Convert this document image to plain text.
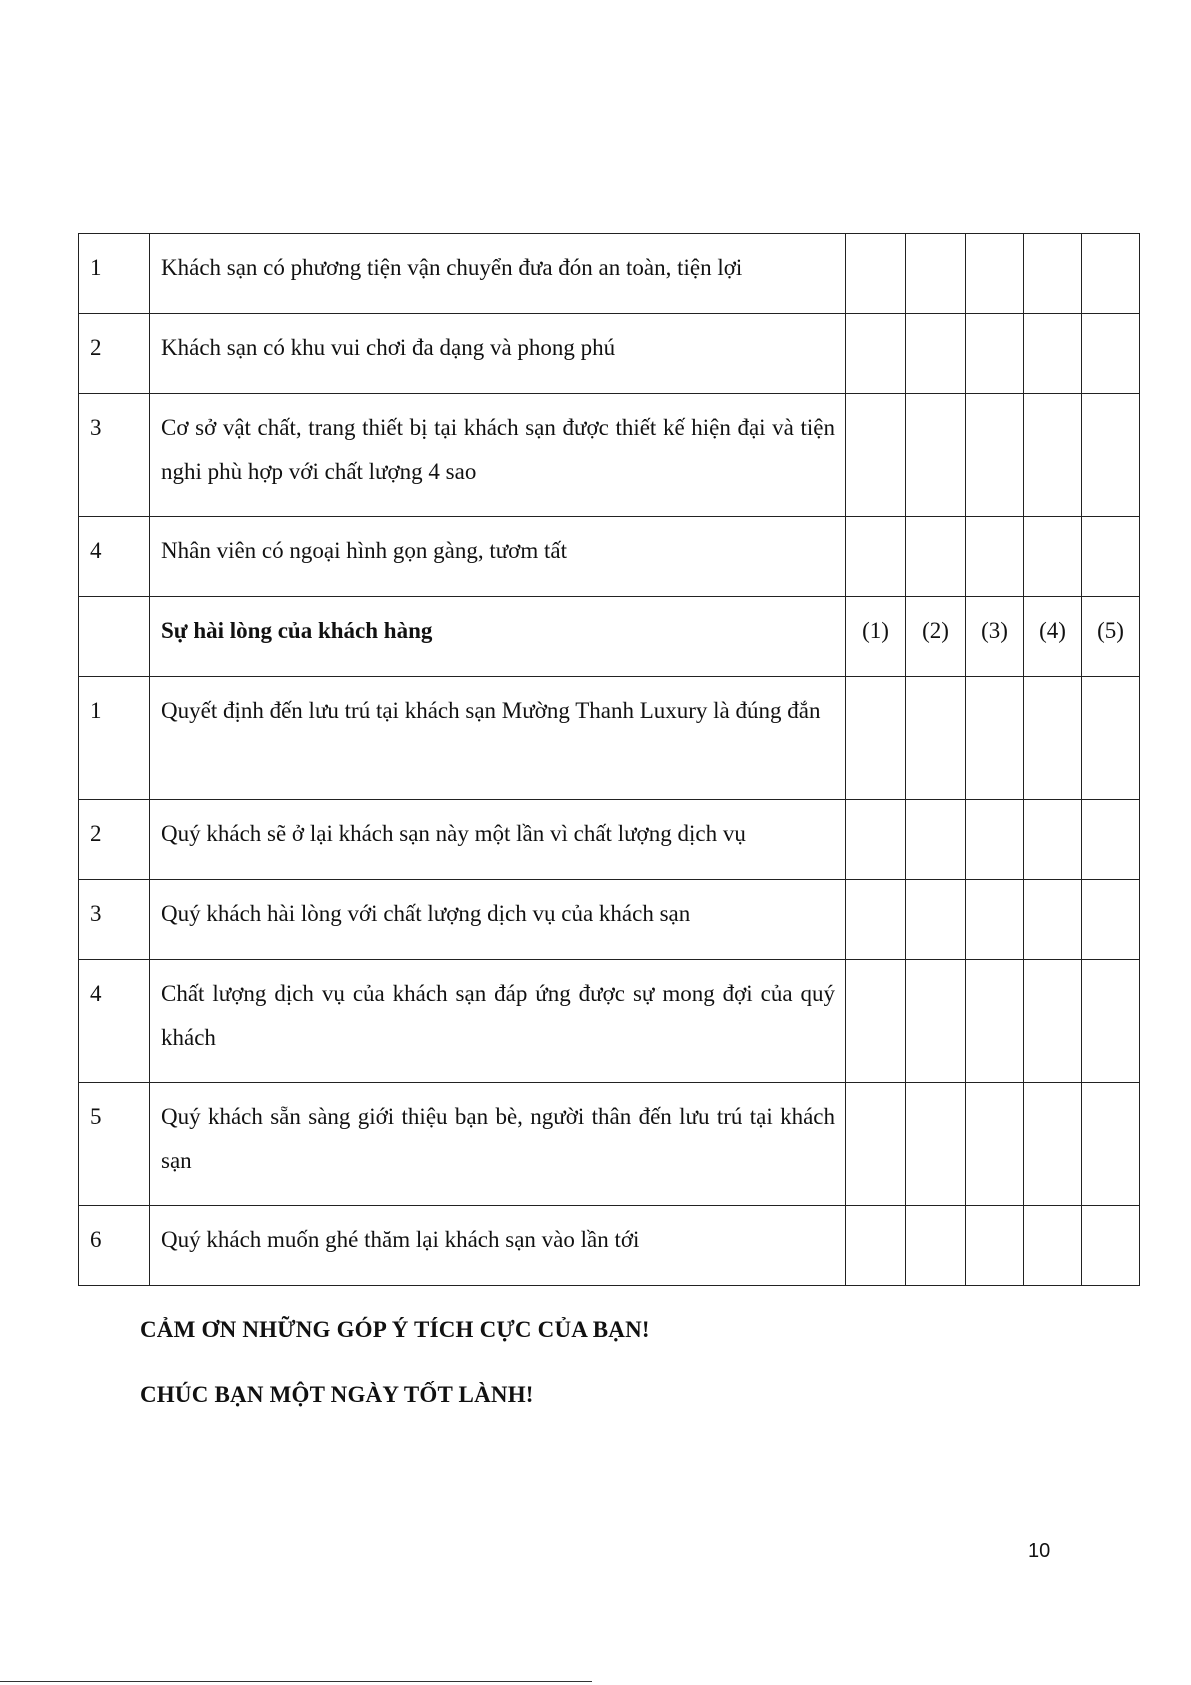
1	Khách sạn có phương tiện vận chuyển đưa đón an toàn, tiện lợi					
2	Khách sạn có khu vui chơi đa dạng và phong phú					
3	Cơ sở vật chất, trang thiết bị tại khách sạn được thiết kế hiện đại và tiện nghi phù hợp với chất lượng 4 sao					
4	Nhân viên có ngoại hình gọn gàng, tươm tất					
	Sự hài lòng của khách hàng	(1)	(2)	(3)	(4)	(5)
1	Quyết định đến lưu trú tại khách sạn Mường Thanh Luxury là đúng đắn					
2	Quý khách sẽ ở lại khách sạn này một lần vì chất lượng dịch vụ					
3	Quý khách hài lòng với chất lượng dịch vụ của khách sạn					
4	Chất lượng dịch vụ của khách sạn đáp ứng được sự mong đợi của quý khách					
5	Quý khách sẵn sàng giới thiệu bạn bè, người thân đến lưu trú tại khách sạn					
6	Quý khách muốn ghé thăm lại khách sạn vào lần tới					
CẢM ƠN NHỮNG GÓP Ý TÍCH CỰC CỦA BẠN!
CHÚC BẠN MỘT NGÀY TỐT LÀNH!
10
